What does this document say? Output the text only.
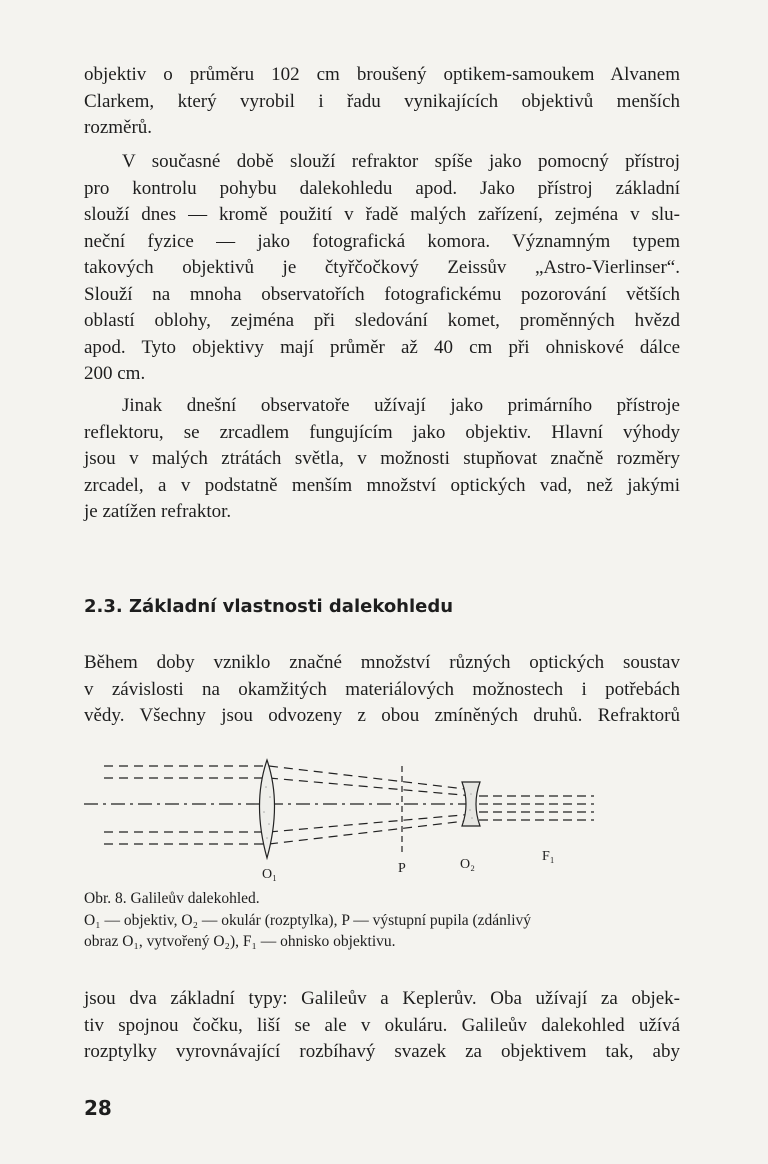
objektiv o průměru 102 cm broušený optikem-samoukem Alvanem
Clarkem, který vyrobil i řadu vynikajících objektivů menších
rozměrů.

V současné době slouží refraktor spíše jako pomocný přístroj
pro kontrolu pohybu dalekohledu apod. Jako přístroj základní
slouží dnes — kromě použití v řadě malých zařízení, zejména v slu-
neční fyzice — jako fotografická komora. Významným typem
takových objektivů je čtyřčočkový Zeissův „Astro-Vierlinser“.
Slouží na mnoha observatořích fotografickému pozorování větších
oblastí oblohy, zejména při sledování komet, proměnných hvězd
apod. Tyto objektivy mají průměr až 40 cm při ohniskové dálce
200 cm.

Jinak dnešní observatoře užívají jako primárního přístroje
reflektoru, se zrcadlem fungujícím jako objektiv. Hlavní výhody
jsou v malých ztrátách světla, v možnosti stupňovat značně rozměry
zrcadel, a v podstatně menším množství optických vad, než jakými
je zatížen refraktor.

2.3. Základní vlastnosti dalekohledu

Během doby vzniklo značné množství různých optických soustav
v závislosti na okamžitých materiálových možnostech i potřebách
vědy. Všechny jsou odvozeny z obou zmíněných druhů. Refraktorů

O₁	P	O₂
F₁

Obr. 8. Galileův dalekohled.
O₁ — objektiv, O₂ — okulár (rozptylka), P — výstupní pupila (zdánlivý
obraz O₁, vytvořený O₂), F₁ — ohnisko objektivu.

jsou dva základní typy: Galileův a Keplerův. Oba užívají za objek-
tiv spojnou čočku, liší se ale v okuláru. Galileův dalekohled užívá
rozptylky vyrovnávající rozbíhavý svazek za objektivem tak, aby

28
